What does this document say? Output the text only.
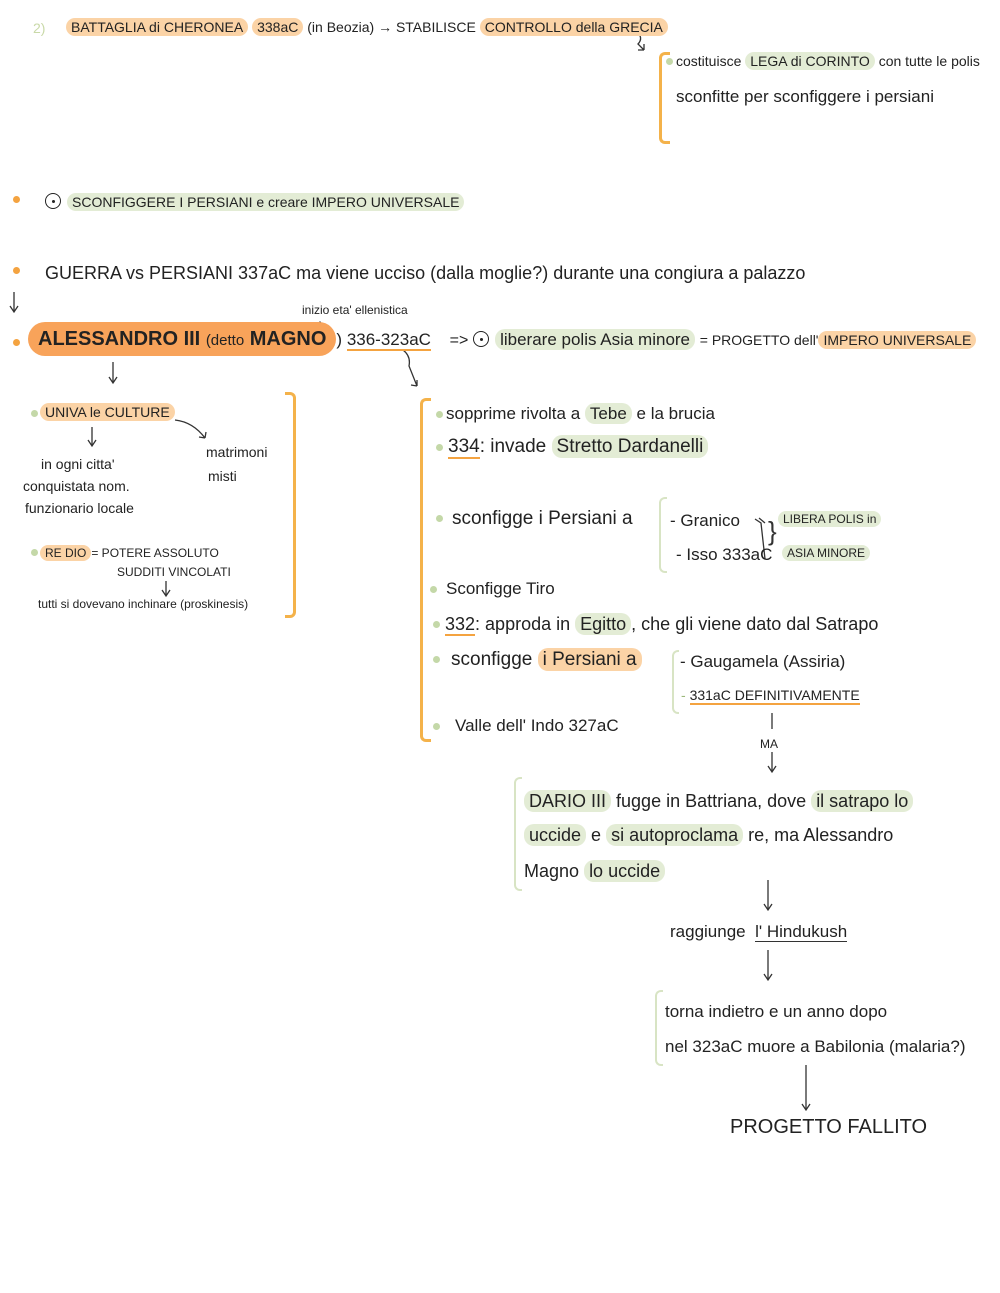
2)	BATTAGLIA di CHERONEA 338aC (in Beozia) → STABILISCE CONTROLLO della GRECIA
costituisce LEGA di CORINTO con tutte le polis
sconfitte per sconfiggere i persiani
SCONFIGGERE I PERSIANI e creare IMPERO UNIVERSALE
GUERRA vs PERSIANI 337aC ma viene ucciso (dalla moglie?) durante una congiura a palazzo
inizio eta' ellenistica
ALESSANDRO III (detto MAGNO ) 336-323aC => liberare polis Asia minore = PROGETTO dell' IMPERO UNIVERSALE
UNIVA le CULTURE
in ogni citta'
conquistata nom.
funzionario locale
matrimoni
misti
RE DIO = POTERE ASSOLUTO
SUDDITI VINCOLATI
tutti si dovevano inchinare (proskinesis)
sopprime rivolta a Tebe e la brucia
334: invade Stretto Dardanelli
sconfigge i Persiani a - Granico
- Isso 333aC
} LIBERA POLIS in
ASIA MINORE
Sconfigge Tiro
332: approda in Egitto , che gli viene dato dal Satrapo
sconfigge i Persiani a	- Gaugamela (Assiria)
- 331aC DEFINITIVAMENTE
Valle dell' Indo 327aC
MA
DARIO III fugge in Battriana, dove il satrapo lo
uccide e si autoproclama re, ma Alessandro
Magno lo uccide
raggiunge l' Hindukush
torna indietro e un anno dopo
nel 323aC muore a Babilonia (malaria?)
PROGETTO FALLITO
